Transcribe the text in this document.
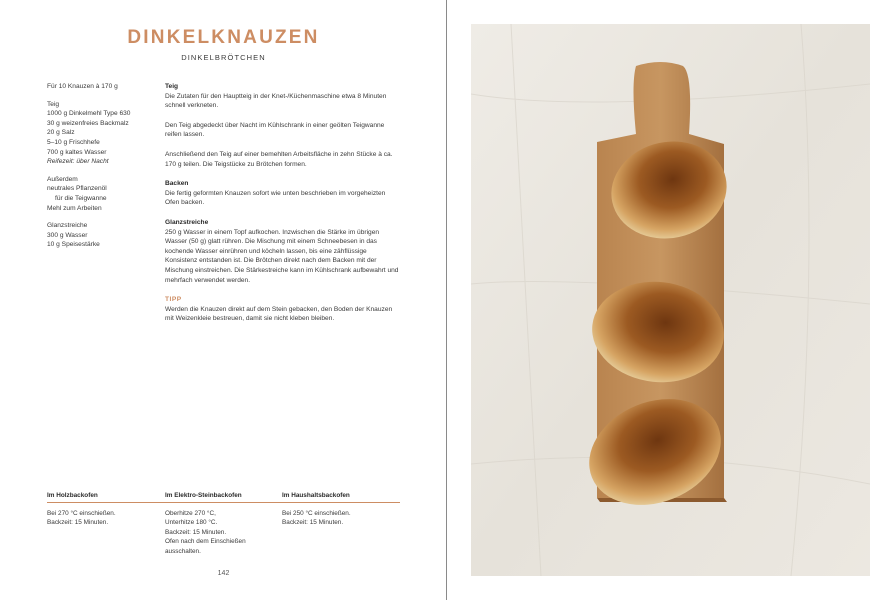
DINKELKNAUZEN
DINKELBRÖTCHEN
Für 10 Knauzen à 170 g
Teig
1000 g Dinkelmehl Type 630
30 g weizenfreies Backmalz
20 g Salz
5–10 g Frischhefe
700 g kaltes Wasser
Reifezeit: über Nacht
Außerdem
neutrales Pflanzenöl
für die Teigwanne
Mehl zum Arbeiten
Glanzstreiche
300 g Wasser
10 g Speisestärke
Teig

Die Zutaten für den Hauptteig in der Knet-/Küchenmaschine etwa 8 Minuten schnell verkneten.

Den Teig abgedeckt über Nacht im Kühlschrank in einer geölten Teigwanne reifen lassen.

Anschließend den Teig auf einer bemehlten Arbeitsfläche in zehn Stücke à ca. 170 g teilen. Die Teigstücke zu Brötchen formen.

Backen

Die fertig geformten Knauzen sofort wie unten beschrieben im vorgeheizten Ofen backen.

Glanzstreiche

250 g Wasser in einem Topf aufkochen. Inzwischen die Stärke im übrigen Wasser (50 g) glatt rühren. Die Mischung mit einem Schneebesen in das kochende Wasser einrühren und köcheln lassen, bis eine zähflüssige Konsistenz entstanden ist. Die Brötchen direkt nach dem Backen mit der Mischung einstreichen. Die Stärkestreiche kann im Kühlschrank aufbewahrt und mehrfach verwendet werden.

TIPP

Werden die Knauzen direkt auf dem Stein gebacken, den Boden der Knauzen mit Weizenkleie bestreuen, damit sie nicht kleben bleiben.

Im Holzbackofen
Bei 270 °C einschießen.
Backzeit: 15 Minuten.
Im Elektro-Steinbackofen
Oberhitze 270 °C,
Unterhitze 180 °C.
Backzeit: 15 Minuten.
Ofen nach dem Einschießen
ausschalten.
Im Haushaltsbackofen
Bei 250 °C einschießen.
Backzeit: 15 Minuten.
142
